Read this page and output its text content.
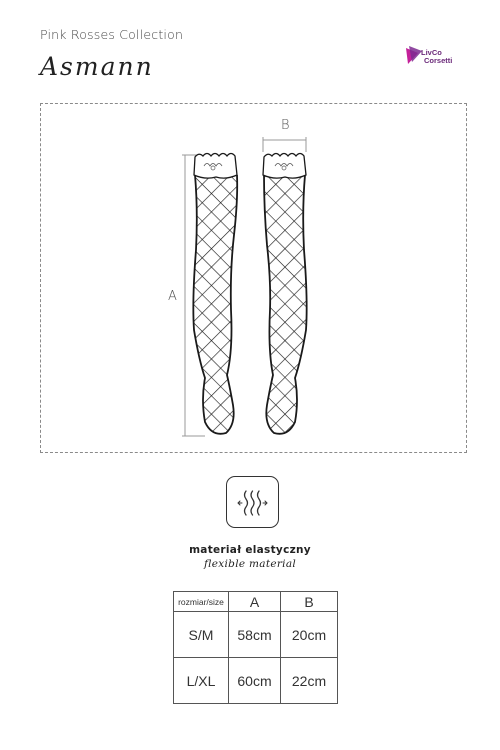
Pink Rosses Collection
Asmann	LivCo
Corsetti
A
B
materiał elastyczny
flexible material
rozmiar/size	A	B
S/M	58cm	20cm
L/XL	60cm	22cm
